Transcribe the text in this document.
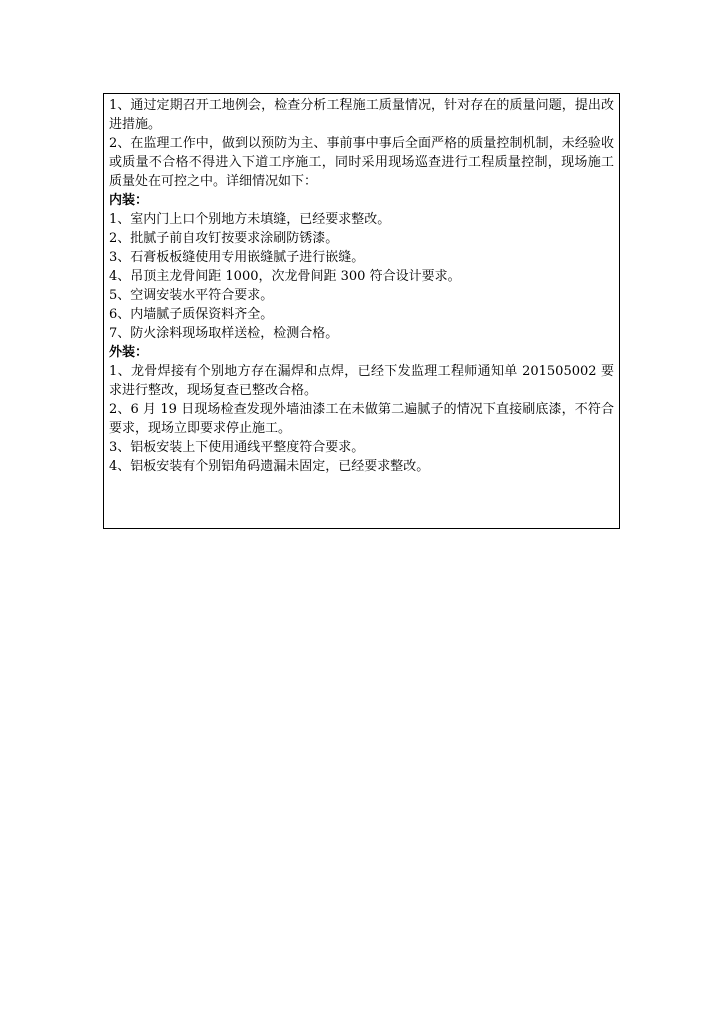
1、通过定期召开工地例会，检查分析工程施工质量情况，针对存在的质量问题，提出改进措施。
2、在监理工作中，做到以预防为主、事前事中事后全面严格的质量控制机制，未经验收或质量不合格不得进入下道工序施工，同时采用现场巡查进行工程质量控制，现场施工质量处在可控之中。详细情况如下：
内装：
1、室内门上口个别地方未填缝，已经要求整改。
2、批腻子前自攻钉按要求涂刷防锈漆。
3、石膏板板缝使用专用嵌缝腻子进行嵌缝。
4、吊顶主龙骨间距 1000，次龙骨间距 300 符合设计要求。
5、空调安装水平符合要求。
6、内墙腻子质保资料齐全。
7、防火涂料现场取样送检，检测合格。
外装：
1、龙骨焊接有个别地方存在漏焊和点焊，已经下发监理工程师通知单 201505002 要求进行整改，现场复查已整改合格。
2、6 月 19 日现场检查发现外墙油漆工在未做第二遍腻子的情况下直接刷底漆，不符合要求，现场立即要求停止施工。
3、铝板安装上下使用通线平整度符合要求。
4、铝板安装有个别铝角码遗漏未固定，已经要求整改。
